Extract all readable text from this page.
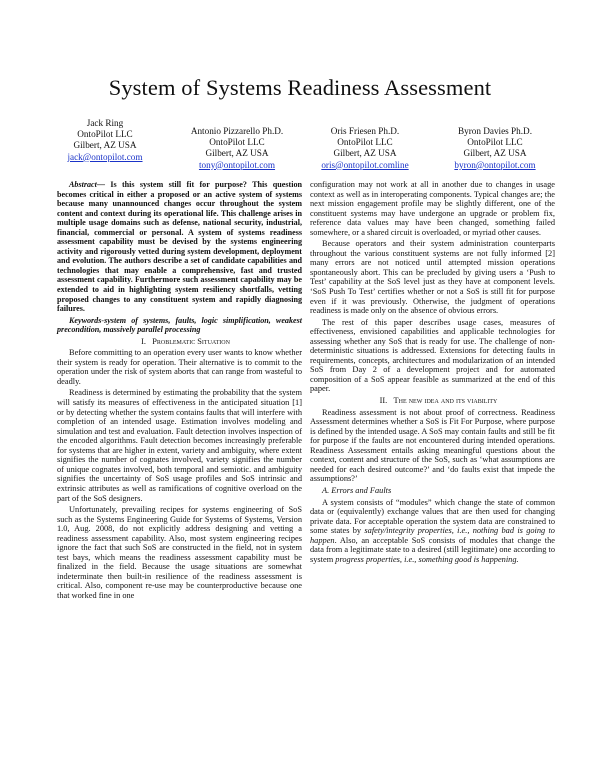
System of Systems Readiness Assessment
Jack Ring
OntoPilot LLC
Gilbert, AZ USA
jack@ontopilot.com
Antonio Pizzarello Ph.D.
OntoPilot LLC
Gilbert, AZ USA
tony@ontopilot.com
Oris Friesen Ph.D.
OntoPilot LLC
Gilbert, AZ USA
oris@ontopilot.comline
Byron Davies Ph.D.
OntoPilot LLC
Gilbert, AZ USA
byron@ontopilot.com

Abstract— Is this system still fit for purpose? This question becomes critical in either a proposed or an active system of systems because many unannounced changes occur throughout the system content and context during its operational life. This challenge arises in multiple usage domains such as defense, national security, industrial, financial, commercial or personal. A system of systems readiness assessment capability must be devised by the systems engineering activity and rigorously vetted during system development, deployment and evolution. The authors describe a set of candidate capabilities and technologies that may enable a comprehensive, fast and trusted assessment capability. Furthermore such assessment capability may be extended to aid in highlighting system resiliency shortfalls, vetting proposed changes to any constituent system and rapidly diagnosing failures.

Keywords-system of systems, faults, logic simplification, weakest precondition, massively parallel processing

I. Problematic Situation

Before committing to an operation every user wants to know whether their system is ready for operation. Their alternative is to commit to the operation under the risk of system aborts that can range from wasteful to deadly.

Readiness is determined by estimating the probability that the system will satisfy its measures of effectiveness in the anticipated situation [1] or by detecting whether the system contains faults that will interfere with completion of an intended usage. Estimation involves modeling and simulation and test and evaluation. Fault detection involves inspection of the encoded algorithms. Fault detection becomes increasingly preferable for systems that are higher in extent, variety and ambiguity, where extent signifies the number of cognates involved, variety signifies the number of unique cognates involved, both temporal and semiotic. and ambiguity signifies the uncertainty of SoS usage profiles and SoS intrinsic and extrinsic attributes as well as ramifications of cognitive overload on the part of the SoS designers.

Unfortunately, prevailing recipes for systems engineering of SoS such as the Systems Engineering Guide for Systems of Systems, Version 1.0, Aug. 2008, do not explicitly address designing and vetting a readiness assessment capability. Also, most system engineering recipes ignore the fact that such SoS are constructed in the field, not in system test bays, which means the readiness assessment capability must be finalized in the field. Because the usage situations are somewhat indeterminate then built-in resilience of the readiness assessment is critical. Also, component re-use may be counterproductive because one that worked fine in one

configuration may not work at all in another due to changes in usage context as well as in interoperating components. Typical changes are; the next mission engagement profile may be slightly different, one of the constituent systems may have undergone an upgrade or problem fix, reference data values may have been changed, something failed somewhere, or a shared circuit is overloaded, or myriad other causes.

Because operators and their system administration counterparts throughout the various constituent systems are not fully informed [2] many errors are not noticed until attempted mission operations spontaneously abort. This can be precluded by giving users a ‘Push to Test’ capability at the SoS level just as they have at component levels. ‘SoS Push To Test’ certifies whether or not a SoS is still fit for purpose even if it was previously. Otherwise, the judgment of operations readiness is made only on the absence of obvious errors.

The rest of this paper describes usage cases, measures of effectiveness, envisioned capabilities and applicable technologies for assessing whether any SoS that is ready for use. The challenge of non-deterministic situations is addressed. Extensions for detecting faults in requirements, concepts, architectures and modularization of an intended SoS from Day 2 of a development project and for automated composition of a SoS appear feasible as summarized at the end of this paper.

II. The new idea and its viability

Readiness assessment is not about proof of correctness. Readiness Assessment determines whether a SoS is Fit For Purpose, where purpose is defined by the intended usage. A SoS may contain faults and still be fit for purpose if the faults are not encountered during intended operations. Readiness Assessment entails asking meaningful questions about the context, content and structure of the SoS, such as ‘what assumptions are needed for each desired outcome?’ and ‘do faults exist that impede the assumptions?’

A. Errors and Faults

A system consists of “modules” which change the state of common data or (equivalently) exchange values that are then used for changing private data. For acceptable operation the system data are constrained to some states by safety/integrity properties, i.e., nothing bad is going to happen. Also, an acceptable SoS consists of modules that change the data from a legitimate state to a desired (still legitimate) one according to system progress properties, i.e., something good is happening.
